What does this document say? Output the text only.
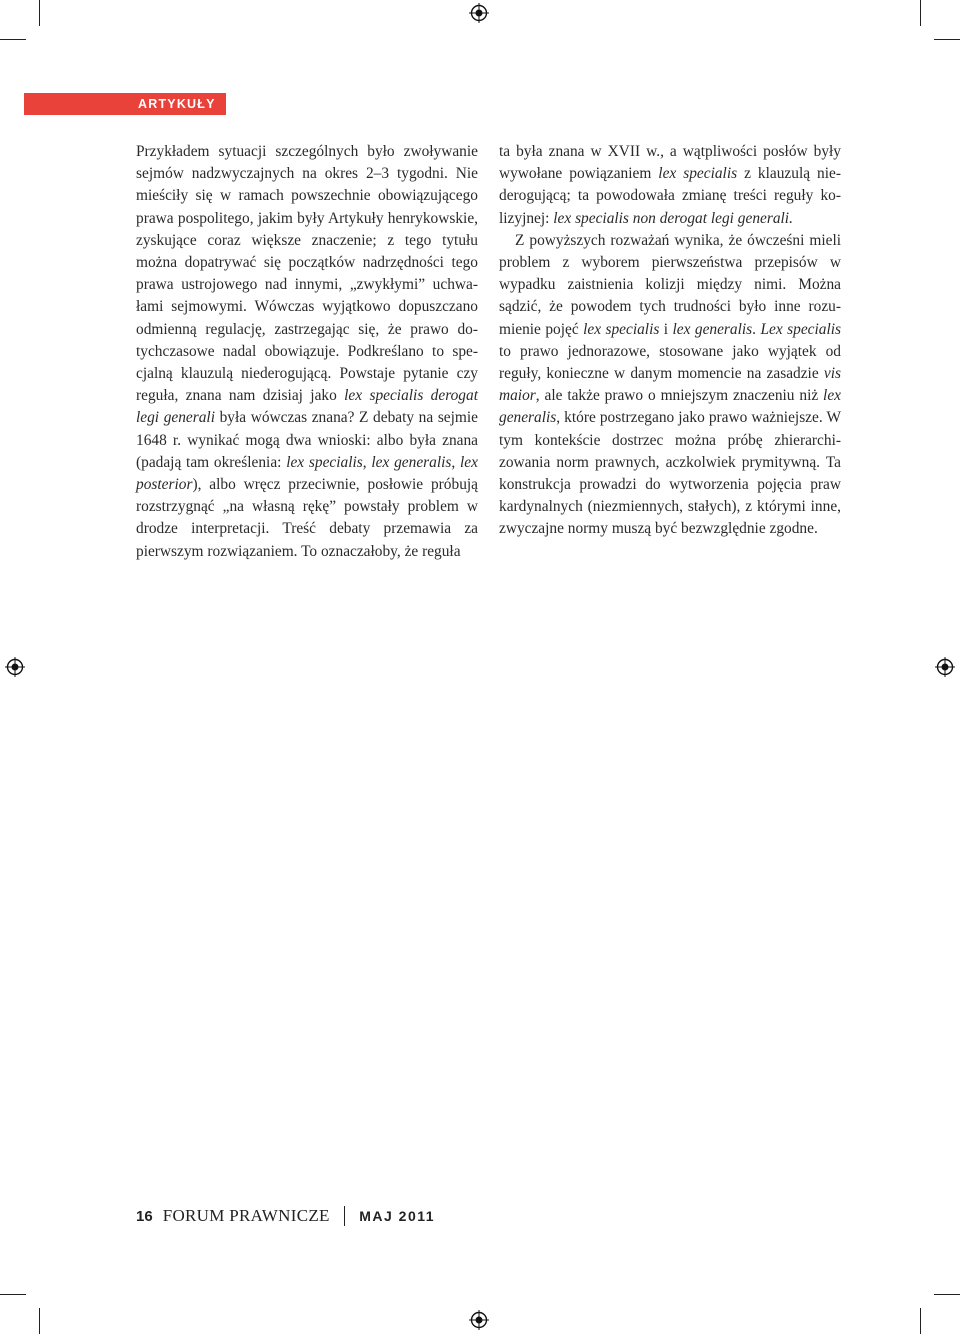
ARTYKUŁY

Przykładem sytuacji szczególnych było zwoływanie sejmów nadzwyczajnych na okres 2–3 tygodni. Nie mieściły się w ramach powszechnie obowiązującego prawa pospolitego, jakim były Artykuły henrykowskie, zyskujące coraz większe znaczenie; z tego tytułu można dopatrywać się początków nadrzędności tego prawa ustrojowego nad innymi, „zwykłymi” uchwałami sejmowymi. Wówczas wyjątkowo dopuszczano odmienną regulację, zastrzegając się, że prawo dotychczasowe nadal obowiązuje. Podkreślano to specjalną klauzulą niederogującą. Powstaje pytanie czy reguła, znana nam dzisiaj jako lex specialis derogat legi generali była wówczas znana? Z debaty na sejmie 1648 r. wynikać mogą dwa wnioski: albo była znana (padają tam określenia: lex specialis, lex generalis, lex posterior), albo wręcz przeciwnie, posłowie próbują rozstrzygnąć „na własną rękę” powstały problem w drodze interpretacji. Treść debaty przemawia za pierwszym rozwiązaniem. To oznaczałoby, że reguła

ta była znana w XVII w., a wątpliwości posłów były wywołane powiązaniem lex specialis z klauzulą niederogującą; ta powodowała zmianę treści reguły kolizyjnej: lex specialis non derogat legi generali.

Z powyższych rozważań wynika, że ówcześni mieli problem z wyborem pierwszeństwa przepisów w wypadku zaistnienia kolizji między nimi. Można sądzić, że powodem tych trudności było inne rozumienie pojęć lex specialis i lex generalis. Lex specialis to prawo jednorazowe, stosowane jako wyjątek od reguły, konieczne w danym momencie na zasadzie vis maior, ale także prawo o mniejszym znaczeniu niż lex generalis, które postrzegano jako prawo ważniejsze. W tym kontekście dostrzec można próbę zhierarchizowania norm prawnych, aczkolwiek prymitywną. Ta konstrukcja prowadzi do wytworzenia pojęcia praw kardynalnych (niezmiennych, stałych), z którymi inne, zwyczajne normy muszą być bezwzględnie zgodne.

16 FORUM PRAWNICZE MAJ 2011
